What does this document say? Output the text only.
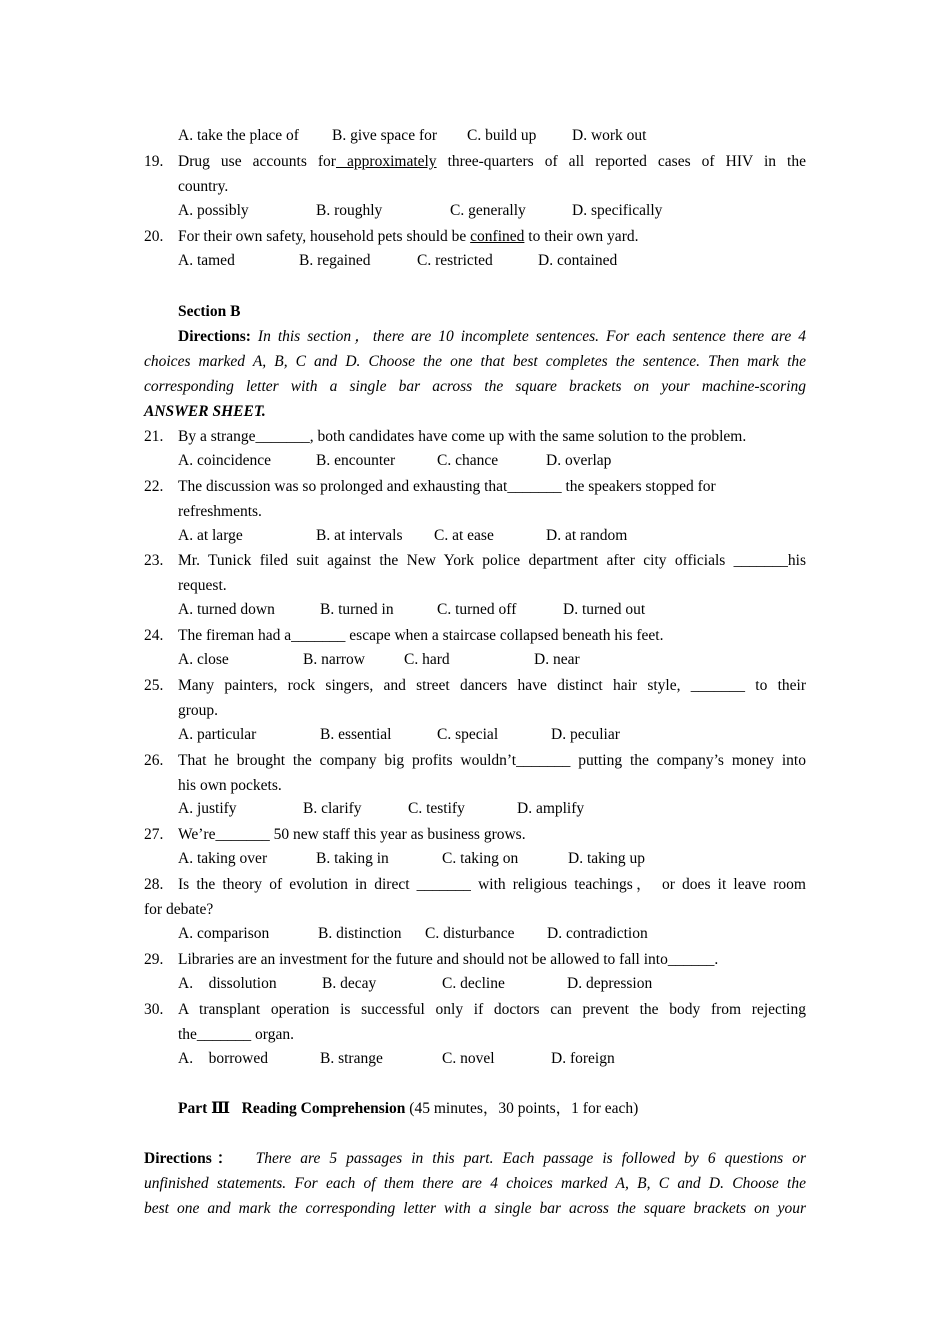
A. take the place of B. give space for C. build up D. work out
19. Drug use accounts for approximately three-quarters of all reported cases of HIV in the
country.
A. possibly	B. roughly	C. generally	D. specifically
20. For their own safety, household pets should be confined to their own yard.
A. tamed	B. regained	C. restricted	D. contained
Section B
Directions: In this section，there are 10 incomplete sentences. For each sentence there are 4
choices marked A, B, C and D. Choose the one that best completes the sentence. Then mark the
corresponding letter with a single bar across the square brackets on your machine-scoring
ANSWER SHEET.
21. By a strange_______, both candidates have come up with the same solution to the problem.
A. coincidence	B. encounter	C. chance	D. overlap
22. The discussion was so prolonged and exhausting that_______ the speakers stopped for
refreshments.
A. at large	B. at intervals C. at ease	D. at random
23. Mr. Tunick filed suit against the New York police department after city officials _______his
request.
A. turned down	B. turned in	C. turned off	D. turned out
24. The fireman had a_______ escape when a staircase collapsed beneath his feet.
A. close	B. narrow	C. hard	D. near
25. Many painters, rock singers, and street dancers have distinct hair style, _______ to their
group.
A. particular	B. essential	C. special	D. peculiar
26. That he brought the company big profits wouldn’t_______ putting the company’s money into
his own pockets.
A. justify	B. clarify	C. testify	D. amplify
27. We’re_______ 50 new staff this year as business grows.
A. taking over	B. taking in	C. taking on	D. taking up
28. Is the theory of evolution in direct _______ with religious teachings， or does it leave room
for debate?
A. comparison	B. distinction C. disturbance D. contradiction
29. Libraries are an investment for the future and should not be allowed to fall into______.
A.    dissolution	B. decay	C. decline	D. depression
30. A transplant operation is successful only if doctors can prevent the body from rejecting
the_______ organ.
A.    borrowed	B. strange	C. novel	D. foreign
Part Ⅲ Reading Comprehension (45 minutes，30 points，1 for each)
Directions：  There are 5 passages in this part. Each passage is followed by 6 questions or
unfinished statements. For each of them there are 4 choices marked A, B, C and D. Choose the
best one and mark the corresponding letter with a single bar across the square brackets on your
